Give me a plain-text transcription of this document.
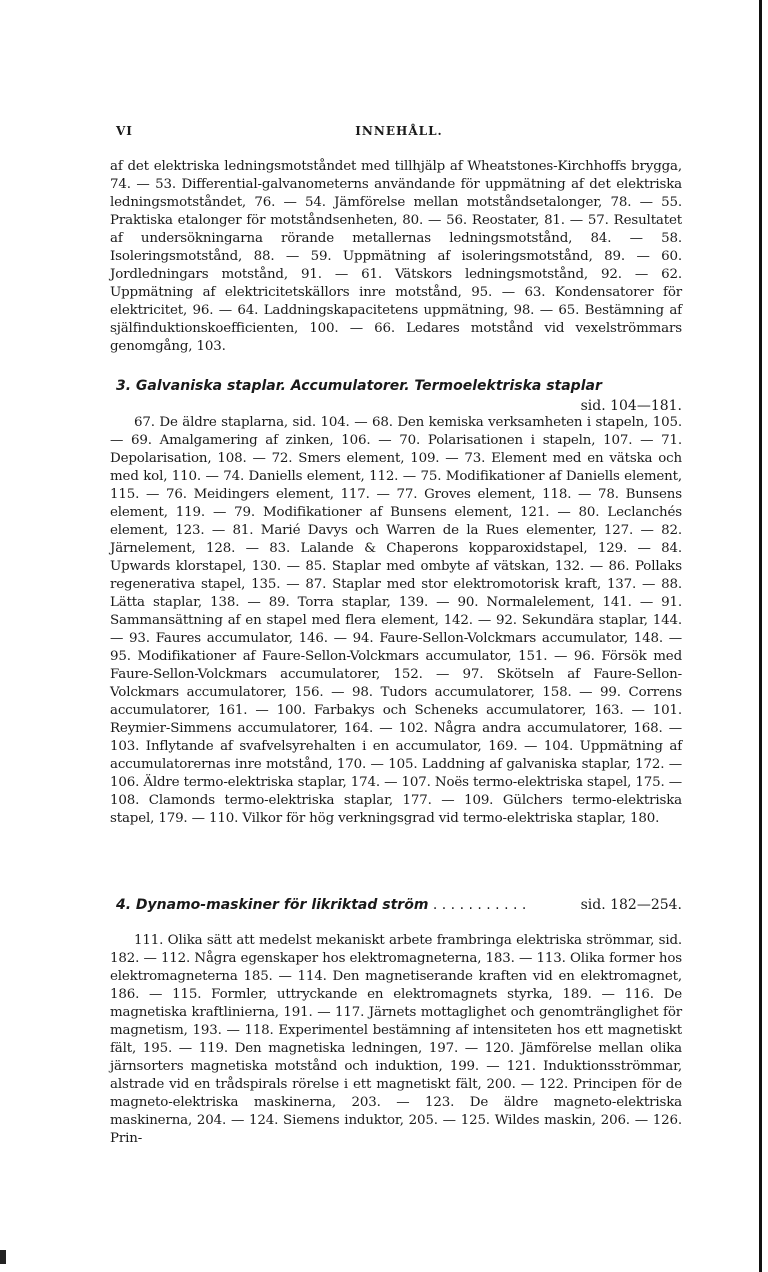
VI	INNEHÅLL.

af det elektriska ledningsmotståndet med tillhjälp af Wheatstones-Kirchhoffs brygga, 74. — 53. Differential-galvanometerns användande för uppmätning af det elektriska ledningsmotståndet, 76. — 54. Jämförelse mellan motståndsetalonger, 78. — 55. Praktiska etalonger för motståndsenheten, 80. — 56. Reostater, 81. — 57. Resultatet af undersökningarna rörande metallernas ledningsmotstånd, 84. — 58. Isoleringsmotstånd, 88. — 59. Uppmätning af isoleringsmotstånd, 89. — 60. Jordledningars motstånd, 91. — 61. Vätskors ledningsmotstånd, 92. — 62. Uppmätning af elektricitetskällors inre motstånd, 95. — 63. Kondensatorer för elektricitet, 96. — 64. Laddningskapacitetens uppmätning, 98. — 65. Bestämning af själfinduktionskoefficienten, 100. — 66. Ledares motstånd vid vexelströmmars genomgång, 103.

3. Galvaniska staplar. Accumulatorer. Termoelektriska staplar
sid. 104—181.

67. De äldre staplarna, sid. 104. — 68. Den kemiska verksamheten i stapeln, 105. — 69. Amalgamering af zinken, 106. — 70. Polarisationen i stapeln, 107. — 71. Depolarisation, 108. — 72. Smers element, 109. — 73. Element med en vätska och med kol, 110. — 74. Daniells element, 112. — 75. Modifikationer af Daniells element, 115. — 76. Meidingers element, 117. — 77. Groves element, 118. — 78. Bunsens element, 119. — 79. Modifikationer af Bunsens element, 121. — 80. Leclanchés element, 123. — 81. Marié Davys och Warren de la Rues elementer, 127. — 82. Järnelement, 128. — 83. Lalande & Chaperons kopparoxidstapel, 129. — 84. Upwards klorstapel, 130. — 85. Staplar med ombyte af vätskan, 132. — 86. Pollaks regenerativa stapel, 135. — 87. Staplar med stor elektromotorisk kraft, 137. — 88. Lätta staplar, 138. — 89. Torra staplar, 139. — 90. Normalelement, 141. — 91. Sammansättning af en stapel med flera element, 142. — 92. Sekundära staplar, 144. — 93. Faures accumulator, 146. — 94. Faure-Sellon-Volckmars accumulator, 148. — 95. Modifikationer af Faure-Sellon-Volckmars accumulator, 151. — 96. Försök med Faure-Sellon-Volckmars accumulatorer, 152. — 97. Skötseln af Faure-Sellon-Volckmars accumulatorer, 156. — 98. Tudors accumulatorer, 158. — 99. Correns accumulatorer, 161. — 100. Farbakys och Scheneks accumulatorer, 163. — 101. Reymier-Simmens accumulatorer, 164. — 102. Några andra accumulatorer, 168. — 103. Inflytande af svafvelsyrehalten i en accumulator, 169. — 104. Uppmätning af accumulatorernas inre motstånd, 170. — 105. Laddning af galvaniska staplar, 172. — 106. Äldre termo-elektriska staplar, 174. — 107. Noës termo-elektriska stapel, 175. — 108. Clamonds termo-elektriska staplar, 177. — 109. Gülchers termo-elektriska stapel, 179. — 110. Vilkor för hög verkningsgrad vid termo-elektriska staplar, 180.

4. Dynamo-maskiner för likriktad ström . . . . . . . . . . .	sid. 182—254.

111. Olika sätt att medelst mekaniskt arbete frambringa elektriska strömmar, sid. 182. — 112. Några egenskaper hos elektromagneterna, 183. — 113. Olika former hos elektromagneterna 185. — 114. Den magnetiserande kraften vid en elektromagnet, 186. — 115. Formler, uttryckande en elektromagnets styrka, 189. — 116. De magnetiska kraftlinierna, 191. — 117. Järnets mottaglighet och genomtränglighet för magnetism, 193. — 118. Experimentel bestämning af intensiteten hos ett magnetiskt fält, 195. — 119. Den magnetiska ledningen, 197. — 120. Jämförelse mellan olika järnsorters magnetiska motstånd och induktion, 199. — 121. Induktionsströmmar, alstrade vid en trådspirals rörelse i ett magnetiskt fält, 200. — 122. Principen för de magneto-elektriska maskinerna, 203. — 123. De äldre magneto-elektriska maskinerna, 204. — 124. Siemens induktor, 205. — 125. Wildes maskin, 206. — 126. Prin-
